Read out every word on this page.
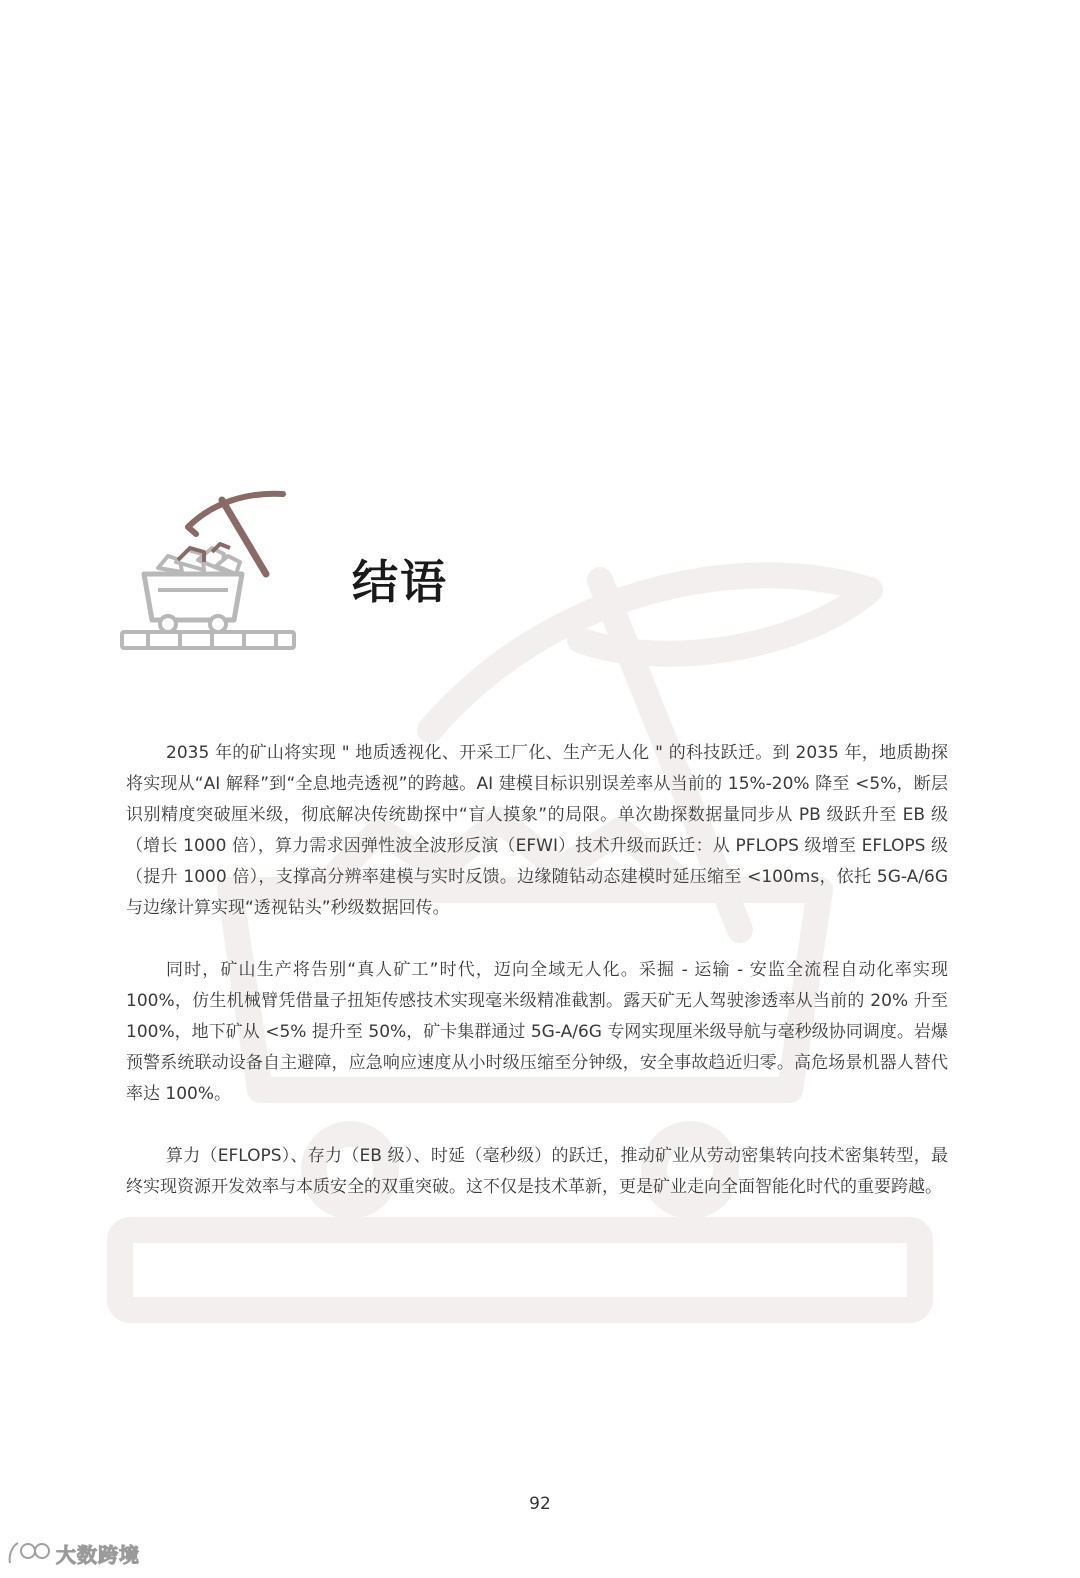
结语

2035 年的矿山将实现 " 地质透视化、开采工厂化、生产无人化 " 的科技跃迁。到 2035 年，地质勘探将实现从“AI 解释”到“全息地壳透视”的跨越。AI 建模目标识别误差率从当前的 15%-20% 降至 <5%，断层识别精度突破厘米级，彻底解决传统勘探中“盲人摸象”的局限。单次勘探数据量同步从 PB 级跃升至 EB 级（增长 1000 倍），算力需求因弹性波全波形反演（EFWI）技术升级而跃迁：从 PFLOPS 级增至 EFLOPS 级（提升 1000 倍），支撑高分辨率建模与实时反馈。边缘随钻动态建模时延压缩至 <100ms，依托 5G-A/6G 与边缘计算实现“透视钻头”秒级数据回传。

同时，矿山生产将告别“真人矿工”时代，迈向全域无人化。采掘 - 运输 - 安监全流程自动化率实现 100%，仿生机械臂凭借量子扭矩传感技术实现毫米级精准截割。露天矿无人驾驶渗透率从当前的 20% 升至 100%，地下矿从 <5% 提升至 50%，矿卡集群通过 5G-A/6G 专网实现厘米级导航与毫秒级协同调度。岩爆预警系统联动设备自主避障，应急响应速度从小时级压缩至分钟级，安全事故趋近归零。高危场景机器人替代率达 100%。

算力（EFLOPS）、存力（EB 级）、时延（毫秒级）的跃迁，推动矿业从劳动密集转向技术密集转型，最终实现资源开发效率与本质安全的双重突破。这不仅是技术革新，更是矿业走向全面智能化时代的重要跨越。

92
大数跨境
